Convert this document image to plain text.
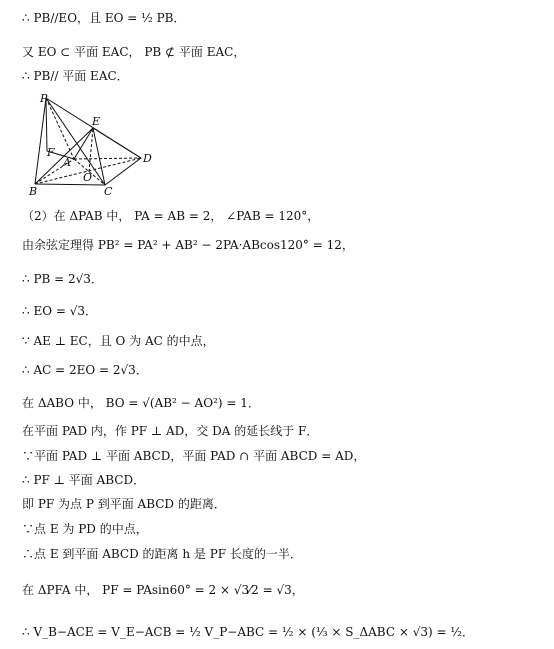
∴ PB//EO，且 EO = ½ PB．
又 EO ⊂ 平面 EAC， PB ⊄ 平面 EAC，
∴ PB// 平面 EAC．
P
E
F
A
O
D
B	C
（2）在 ΔPAB 中， PA = AB = 2， ∠PAB = 120°，
由余弦定理得 PB² = PA² + AB² − 2PA·ABcos120° = 12，
∴ PB = 2√3．
∴ EO = √3．
∵ AE ⊥ EC，且 O 为 AC 的中点，
∴ AC = 2EO = 2√3．
在 ΔABO 中， BO = √(AB² − AO²) = 1．
在平面 PAD 内，作 PF ⊥ AD，交 DA 的延长线于 F．
∵平面 PAD ⊥ 平面 ABCD，平面 PAD ∩ 平面 ABCD = AD，
∴ PF ⊥ 平面 ABCD．
即 PF 为点 P 到平面 ABCD 的距离．
∵点 E 为 PD 的中点，
∴点 E 到平面 ABCD 的距离 h 是 PF 长度的一半．
在 ΔPFA 中， PF = PAsin60° = 2 × √3⁄2 = √3，
∴ V_B−ACE = V_E−ACB = ½ V_P−ABC = ½ × (⅓ × S_ΔABC × √3) = ½．
